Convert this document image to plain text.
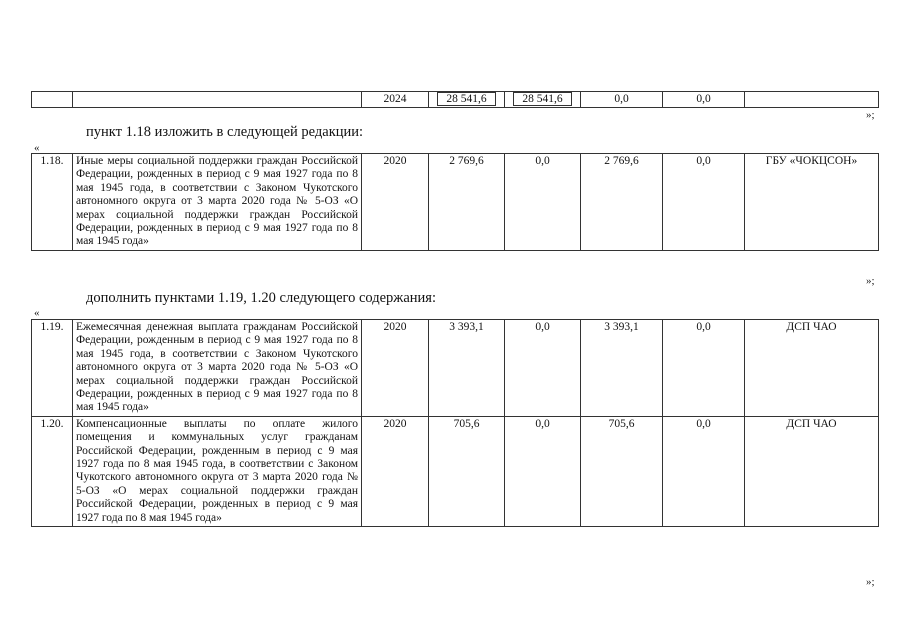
		2024	28 541,6	28 541,6	0,0	0,0	
»;
пункт 1.18 изложить в следующей редакции:
«
1.18.	Иные меры социальной поддержки граждан Российской Федерации, рожденных в период с 9 мая 1927 года по 8 мая 1945 года, в соответствии с Законом Чукотского автономного округа от 3 марта 2020 года № 5-ОЗ «О мерах социальной поддержки граждан Российской Федерации, рожденных в период с 9 мая 1927 года по 8 мая 1945 года»	2020	2 769,6	0,0	2 769,6	0,0	ГБУ «ЧОКЦСОН»
»;
дополнить пунктами 1.19, 1.20 следующего содержания:
«
1.19.	Ежемесячная денежная выплата гражданам Российской Федерации, рожденным в период с 9 мая 1927 года по 8 мая 1945 года, в соответствии с Законом Чукотского автономного округа от 3 марта 2020 года № 5-ОЗ «О мерах социальной поддержки граждан Российской Федерации, рожденных в период с 9 мая 1927 года по 8 мая 1945 года»	2020	3 393,1	0,0	3 393,1	0,0	ДСП ЧАО
1.20.	Компенсационные выплаты по оплате жилого помещения и коммунальных услуг гражданам Российской Федерации, рожденным в период с 9 мая 1927 года по 8 мая 1945 года, в соответствии с Законом Чукотского автономного округа от 3 марта 2020 года № 5-ОЗ «О мерах социальной поддержки граждан Российской Федерации, рожденных в период с 9 мая 1927 года по 8 мая 1945 года»	2020	705,6	0,0	705,6	0,0	ДСП ЧАО
»;
